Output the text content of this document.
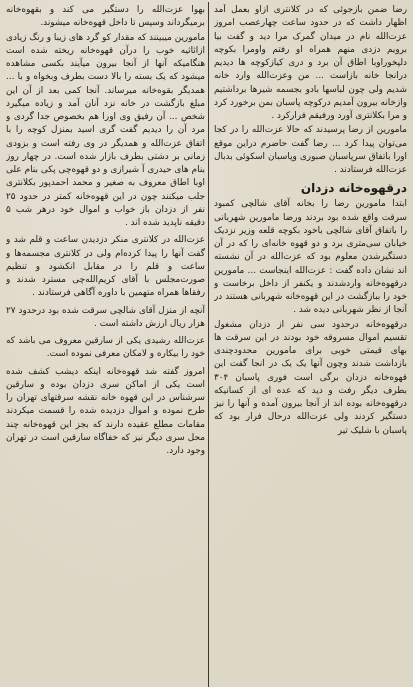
رضا ضمن بازجوئی که در کلانتری ازاو بعمل آمد اظهار داشت که در حدود ساعت چهارعصب امروز عزت‌الله نام در میدان گمرک مرا دید و گفت بیا برویم دزدی منهم همراه او رفتم واومرا بکوچه دلپخوراوبا اطاق آن برد و دری کیازکوچه ها دیدیم درانجا خانه بازاست ... من وعزت‌الله وارد خانه شدیم ولی چون لباسها بادو بجسمه شیرها برداشتیم وازخانه بیرون آمدیم درکوچه پاسبان بمن برخورد کرد و مرا بکلانتری آورد ورفیقم فرارکرد .

مامورین از رضا پرسیدند که حالا عزت‌الله را در کجا می‌توان پیدا کرد ... رضا گفت حاضرم دراین موقع اورا باتفاق سرپاسبان صبوری وپاسبان اسکوئی بدبال عزت‌الله فرستادند .

درقهوه‌خانه دزدان

ابتدا مامورین رضا را بخانه آقای شالچی کمبود سرقت واقع شده بود بردند ورضا مامورین شهربانی را باتفاق آقای شالچی باخود بکوچه قلعه وزیر نزدیک خیابان سی‌متری برد و دو قهوه خانه‌ای را که در آن دستگیرشدن معلوم بود که عزت‌الله در آن نشسته اند نشان داده گفت : عزت‌الله اینجاست ... مامورین درقهوه‌خانه واردشدند و یکنفر از داخل برخاست و خود را ببازگشت در این قهوه‌خانه شهربانی هستند در آنجا از نظر شهربانی دیده شد .

درقهوه‌خانه درحدود سی نفر از دزدان مشغول تقسیم اموال مسروقه خود بودند در این سرقت ها بهای قیمتی خوبی برای مامورین محدودچندی بازداشت شدند وچون آنها یک یک در انجا گفت این قهوه‌خانه دزدان برگی است فوری پاسبان ۳۰۴ بطرف دیگر رفت و دید که عده ای از کسانیکه درقهوه‌خانه بوده اند از آنجا بیرون آمده و آنها را نیز دستگیر کردند ولی عزت‌الله درحال فرار بود که پاسبان با شلیک تیر

بهوا عزت‌الله را دستگیر می کند و بقهوه‌خانه برمیگرداند وسپس تا داخل قهوه‌خانه میشوند.

مامورین میبینند که مقدار کو گرد های زیبا و رنگ زیادی ازاثاثیه خوب را درآن قهوه‌خانه ریخته شده است هنگامیکه آنها از آنجا بیرون میآیند بکسی مشاهده میشود که یک بسته را بالا دست بطرف وبخواه و با ... همدیگر بقوه‌خانه میرساند. آنجا کمی بعد از آن این مبلغ بازگشت در خانه نزد آنان آمد و زیاده میگیرد شخص ... آن رفیق وی اورا هم بخصوص جدا گردی و مرد آن را دیدیم گفت گری اسید بمنزل کوچه را با اتفاق عزت‌الله و همدیگر در وی رفته است و بزودی زمانی بر دشتی بطرف بازار شده است. در چهار روز بنام های حیدری آ شیرازی و دو قهوه‌چی پکی بنام علی اوبا اطاق معروف به صغیر و محمد احمدپور بکلانتری جلب میکنند چون در این قهوه‌خانه کمتر در حدود ۲۵ نفر از دزدان باز خواب و اموال خود درهر شب ۵ دقیقه ناپدید شده اند .

عزت‌الله در کلانتری منکر دزدیدن ساعت و قلم شد و گفت آنها را پیدا کرده‌ام ولی در کلانتری مجسمه‌ها و ساعت و قلم را در مقابل انکشود و تنظیم صورت‌مجلس با آقای کریم‌الله‌چی مسترد شدند و رفقاها همراه متهمین با داوره آگاهی فرستادند .

آنچه از منزل آقای شالچی سرقت شده بود درحدود ۲۷ هزار ریال ارزش داشته است .

عزت‌الله رشیدی یکی از سارقین معروف می باشد که خود را بیکاره و لامکان معرفی نموده است.

امروز گفته شد قهوه‌خانه اینکه دیشب کشف شده است یکی از اماکن سری دزدان بوده و سارقین سرشناس در این قهوه خانه نقشه سرقتهای تهران را طرح نموده و اموال دزدیده شده را قسمت میکردند مقامات مطلع عقیده دارند که بجز این قهوه‌خانه چند محل سری دیگر نیز که خفاگاه سارقین است در تهران وجود دارد.
